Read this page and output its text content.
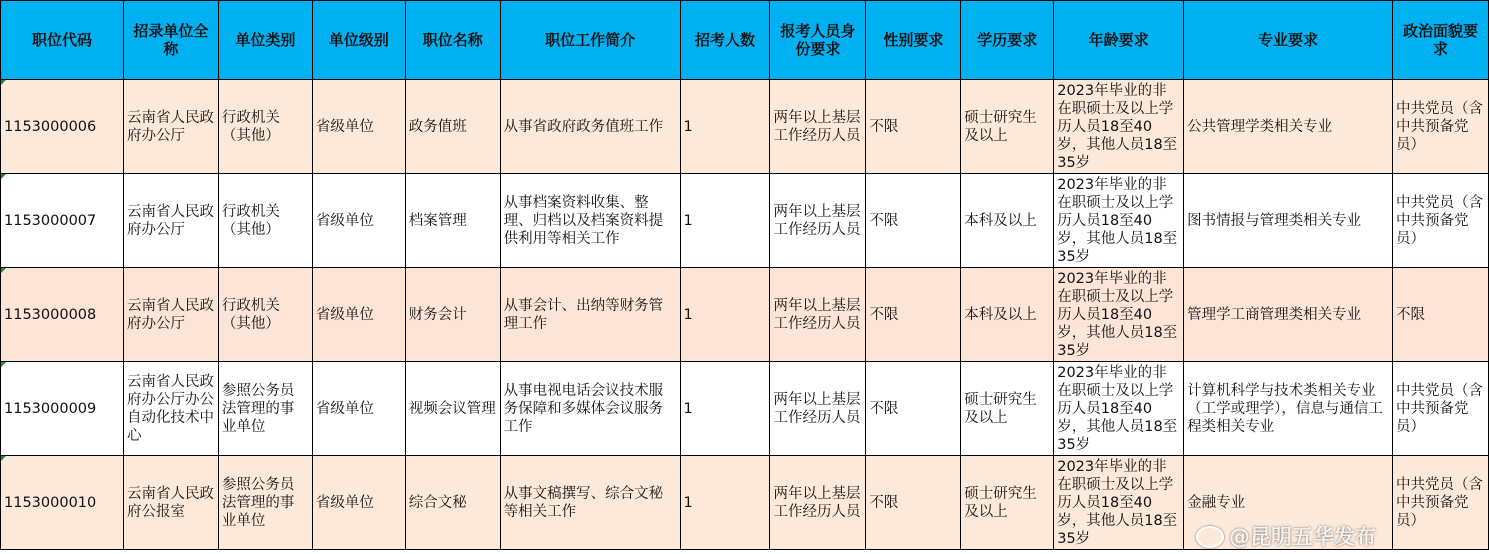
职位代码	招录单位全称	单位类别	单位级别	职位名称	职位工作简介	招考人数	报考人员身份要求	性别要求	学历要求	年龄要求	专业要求	政治面貌要求
1153000006	云南省人民政府办公厅	行政机关（其他）	省级单位	政务值班	从事省政府政务值班工作	1	两年以上基层工作经历人员	不限	硕士研究生及以上	2023年毕业的非在职硕士及以上学历人员18至40岁，其他人员18至35岁	公共管理学类相关专业	中共党员（含中共预备党员）
1153000007	云南省人民政府办公厅	行政机关（其他）	省级单位	档案管理	从事档案资料收集、整理、归档以及档案资料提供利用等相关工作	1	两年以上基层工作经历人员	不限	本科及以上	2023年毕业的非在职硕士及以上学历人员18至40岁，其他人员18至35岁	图书情报与管理类相关专业	中共党员（含中共预备党员）
1153000008	云南省人民政府办公厅	行政机关（其他）	省级单位	财务会计	从事会计、出纳等财务管理工作	1	两年以上基层工作经历人员	不限	本科及以上	2023年毕业的非在职硕士及以上学历人员18至40岁，其他人员18至35岁	管理学工商管理类相关专业	不限
1153000009	云南省人民政府办公厅办公自动化技术中心	参照公务员法管理的事业单位	省级单位	视频会议管理	从事电视电话会议技术服务保障和多媒体会议服务工作	1	两年以上基层工作经历人员	不限	硕士研究生及以上	2023年毕业的非在职硕士及以上学历人员18至40岁，其他人员18至35岁	计算机科学与技术类相关专业（工学或理学），信息与通信工程类相关专业	中共党员（含中共预备党员）
1153000010	云南省人民政府公报室	参照公务员法管理的事业单位	省级单位	综合文秘	从事文稿撰写、综合文秘等相关工作	1	两年以上基层工作经历人员	不限	硕士研究生及以上	2023年毕业的非在职硕士及以上学历人员18至40岁，其他人员18至35岁	金融专业	中共党员（含中共预备党员）
@昆明五华发布
